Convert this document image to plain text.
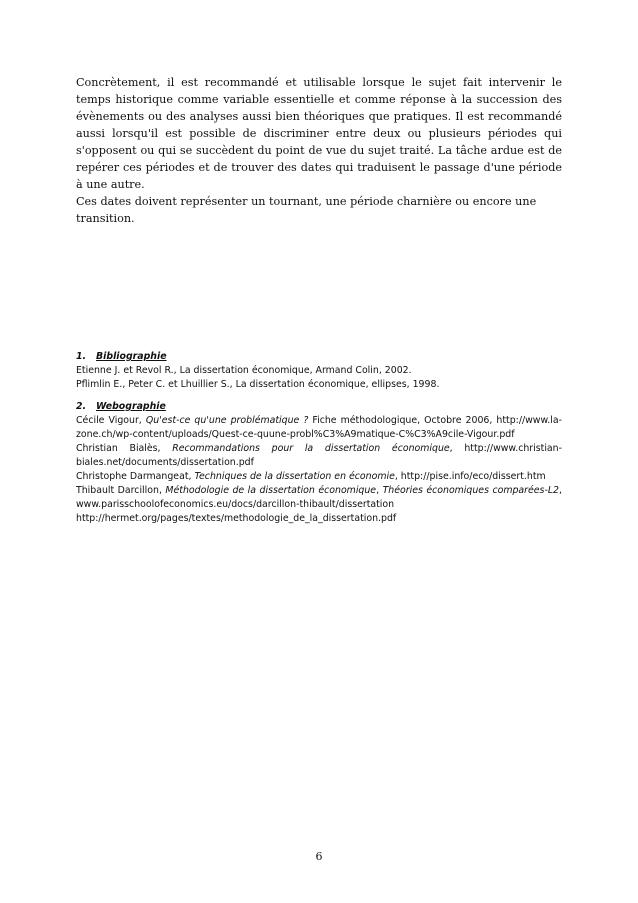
Concrètement, il est recommandé et utilisable lorsque le sujet fait intervenir le temps historique comme variable essentielle et comme réponse à la succession des évènements ou des analyses aussi bien théoriques que pratiques. Il est recommandé aussi lorsqu'il est possible de discriminer entre deux ou plusieurs périodes qui s'opposent ou qui se succèdent du point de vue du sujet traité. La tâche ardue est de repérer ces périodes et de trouver des dates qui traduisent le passage d'une période à une autre.

Ces dates doivent représenter un tournant, une période charnière ou encore une transition.

1. Bibliographie

Etienne J. et Revol R., La dissertation économique, Armand Colin, 2002.

Pflimlin E., Peter C. et Lhuillier S., La dissertation économique, ellipses, 1998.

2. Webographie

Cécile Vigour, Qu'est-ce qu'une problématique ? Fiche méthodologique, Octobre 2006, http://www.la-zone.ch/wp-content/uploads/Quest-ce-quune-probl%C3%A9matique-C%C3%A9cile-Vigour.pdf

Christian Bialès, Recommandations pour la dissertation économique, http://www.christian-biales.net/documents/dissertation.pdf

Christophe Darmangeat, Techniques de la dissertation en économie, http://pise.info/eco/dissert.htm

Thibault Darcillon, Méthodologie de la dissertation économique, Théories économiques comparées-L2, www.parisschoolofeconomics.eu/docs/darcillon-thibault/dissertation

http://hermet.org/pages/textes/methodologie_de_la_dissertation.pdf

6
